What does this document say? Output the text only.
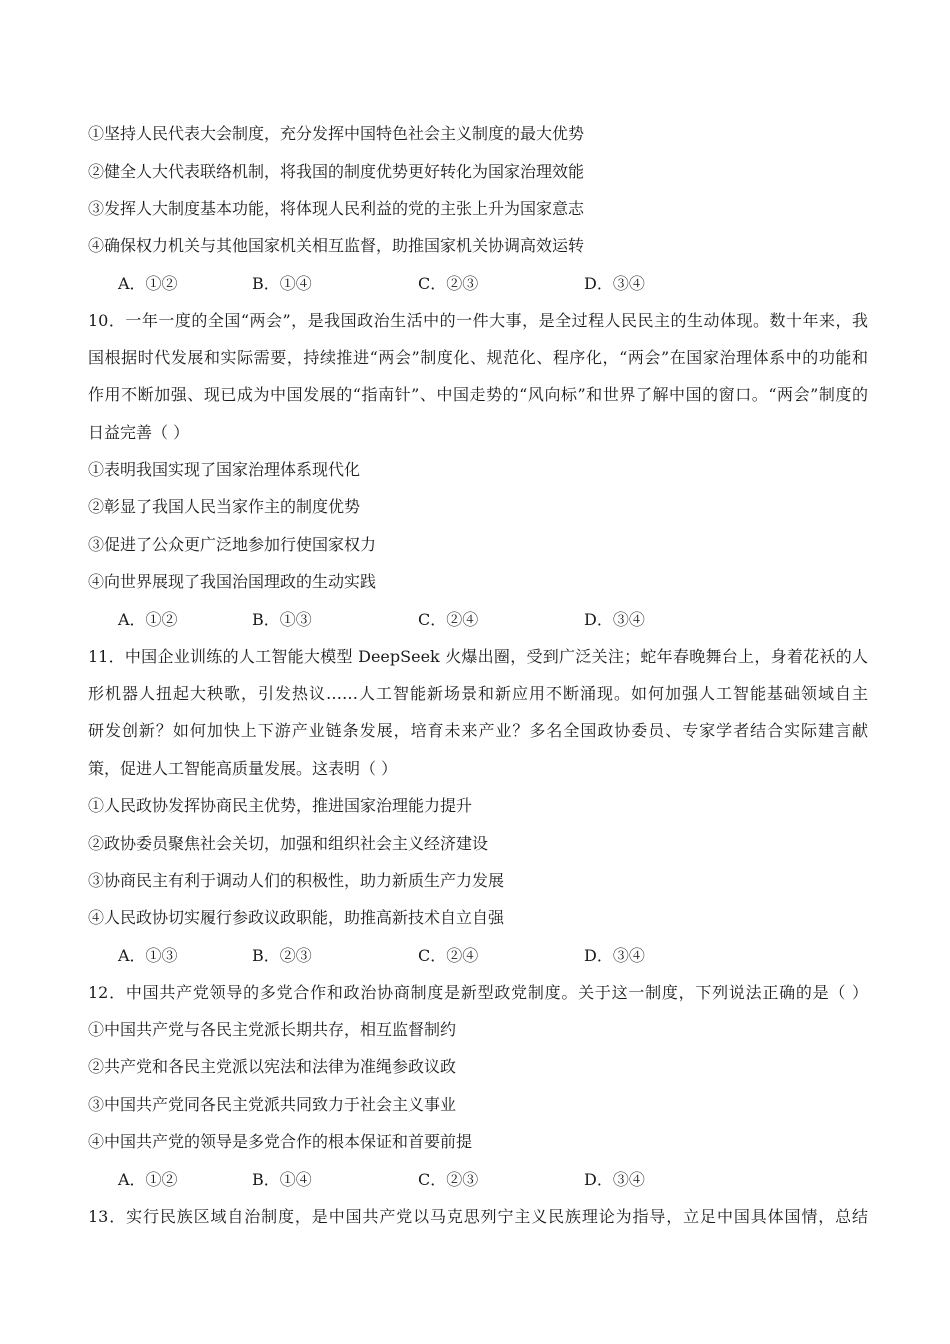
①坚持人民代表大会制度，充分发挥中国特色社会主义制度的最大优势
②健全人大代表联络机制，将我国的制度优势更好转化为国家治理效能
③发挥人大制度基本功能，将体现人民利益的党的主张上升为国家意志
④确保权力机关与其他国家机关相互监督，助推国家机关协调高效运转
A．①②	B．①④	C．②③	D．③④
10．一年一度的全国“两会”，是我国政治生活中的一件大事，是全过程人民民主的生动体现。数十年来，我
国根据时代发展和实际需要，持续推进“两会”制度化、规范化、程序化，“两会”在国家治理体系中的功能和
作用不断加强、现已成为中国发展的“指南针”、中国走势的“风向标”和世界了解中国的窗口。“两会”制度的
日益完善（ ）
①表明我国实现了国家治理体系现代化
②彰显了我国人民当家作主的制度优势
③促进了公众更广泛地参加行使国家权力
④向世界展现了我国治国理政的生动实践
A．①②	B．①③	C．②④	D．③④
11．中国企业训练的人工智能大模型 DeepSeek 火爆出圈，受到广泛关注；蛇年春晚舞台上，身着花袄的人
形机器人扭起大秧歌，引发热议……人工智能新场景和新应用不断涌现。如何加强人工智能基础领域自主
研发创新？如何加快上下游产业链条发展，培育未来产业？多名全国政协委员、专家学者结合实际建言献
策，促进人工智能高质量发展。这表明（ ）
①人民政协发挥协商民主优势，推进国家治理能力提升
②政协委员聚焦社会关切，加强和组织社会主义经济建设
③协商民主有利于调动人们的积极性，助力新质生产力发展
④人民政协切实履行参政议政职能，助推高新技术自立自强
A．①③	B．②③	C．②④	D．③④
12．中国共产党领导的多党合作和政治协商制度是新型政党制度。关于这一制度，下列说法正确的是（ ）
①中国共产党与各民主党派长期共存，相互监督制约
②共产党和各民主党派以宪法和法律为准绳参政议政
③中国共产党同各民主党派共同致力于社会主义事业
④中国共产党的领导是多党合作的根本保证和首要前提
A．①②	B．①④	C．②③	D．③④
13．实行民族区域自治制度，是中国共产党以马克思列宁主义民族理论为指导，立足中国具体国情，总结
